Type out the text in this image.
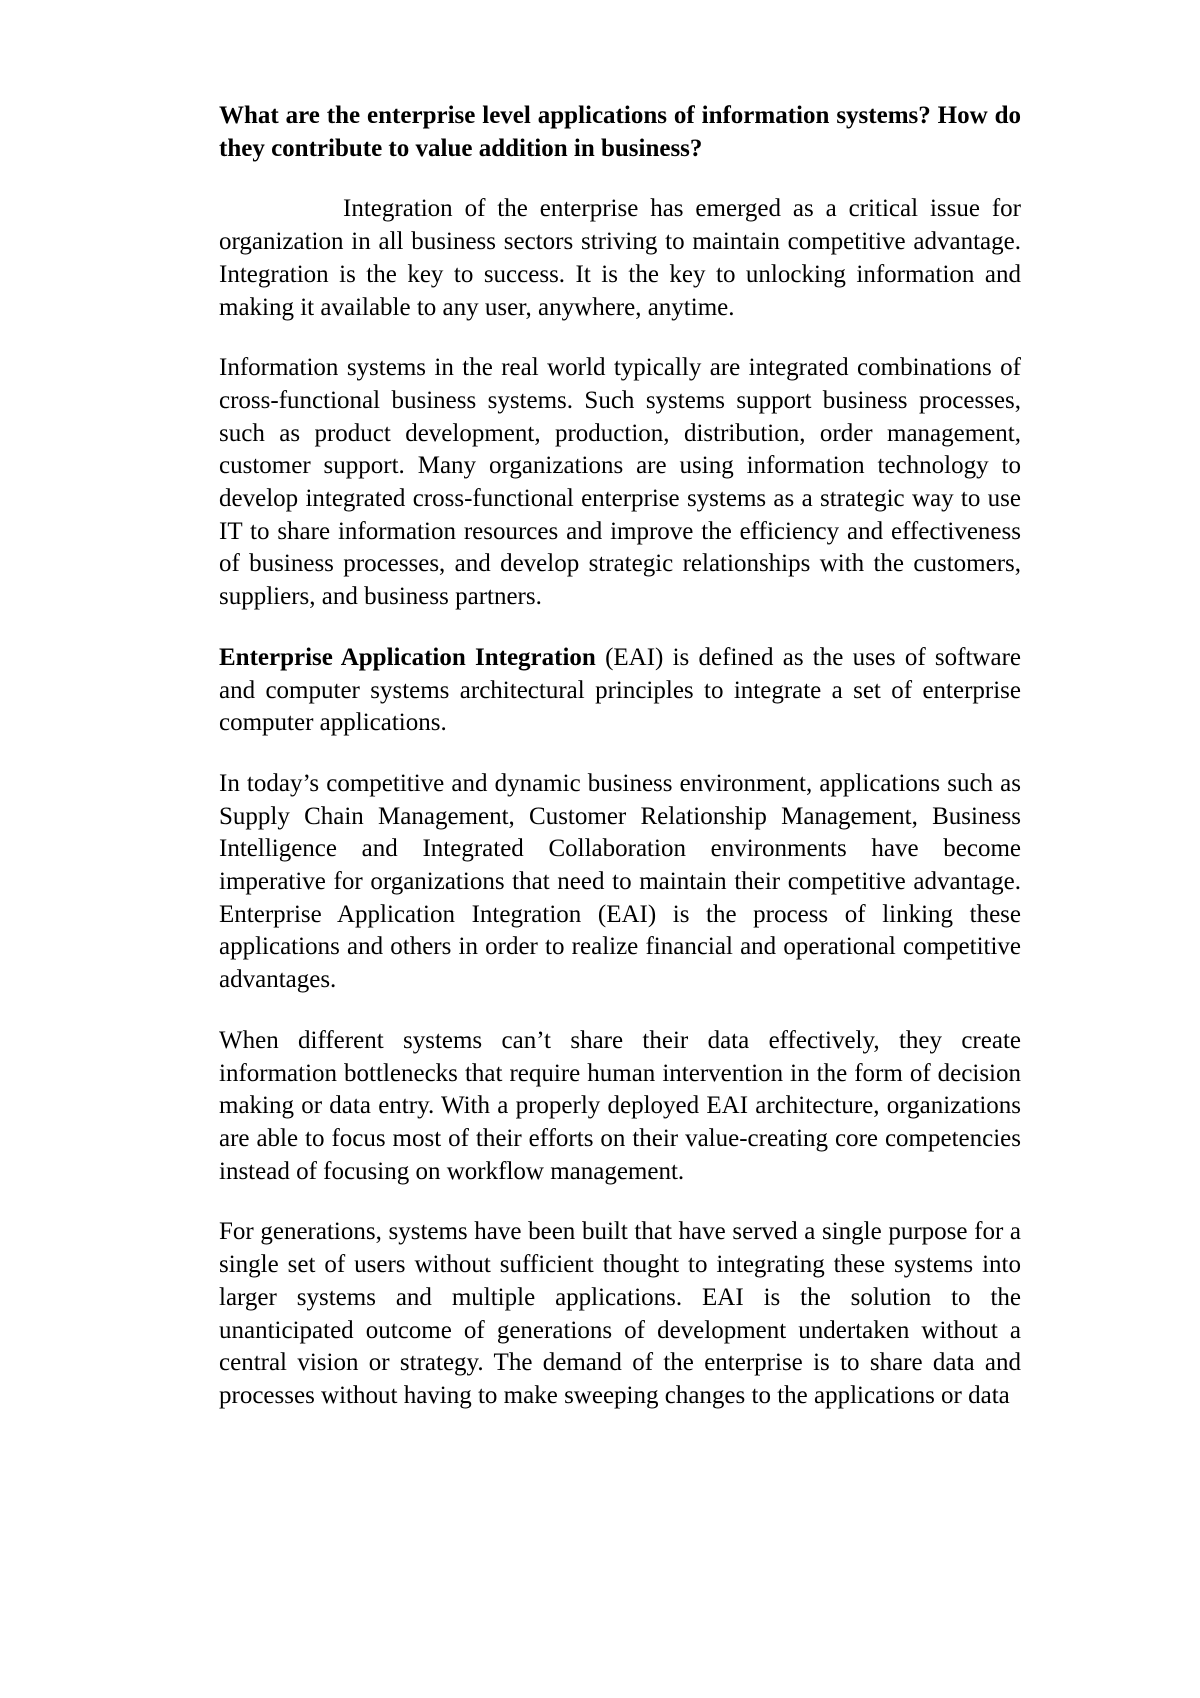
What are the enterprise level applications of information systems? How do they contribute to value addition in business?

Integration of the enterprise has emerged as a critical issue for organization in all business sectors striving to maintain competitive advantage. Integration is the key to success. It is the key to unlocking information and making it available to any user, anywhere, anytime.

Information systems in the real world typically are integrated combinations of cross-functional business systems. Such systems support business processes, such as product development, production, distribution, order management, customer support. Many organizations are using information technology to develop integrated cross-functional enterprise systems as a strategic way to use IT to share information resources and improve the efficiency and effectiveness of business processes, and develop strategic relationships with the customers, suppliers, and business partners.

Enterprise Application Integration (EAI) is defined as the uses of software and computer systems architectural principles to integrate a set of enterprise computer applications.

In today’s competitive and dynamic business environment, applications such as Supply Chain Management, Customer Relationship Management, Business Intelligence and Integrated Collaboration environments have become imperative for organizations that need to maintain their competitive advantage. Enterprise Application Integration (EAI) is the process of linking these applications and others in order to realize financial and operational competitive advantages.

When different systems can’t share their data effectively, they create information bottlenecks that require human intervention in the form of decision making or data entry. With a properly deployed EAI architecture, organizations are able to focus most of their efforts on their value-creating core competencies instead of focusing on workflow management.

For generations, systems have been built that have served a single purpose for a single set of users without sufficient thought to integrating these systems into larger systems and multiple applications. EAI is the solution to the unanticipated outcome of generations of development undertaken without a central vision or strategy. The demand of the enterprise is to share data and processes without having to make sweeping changes to the applications or data
